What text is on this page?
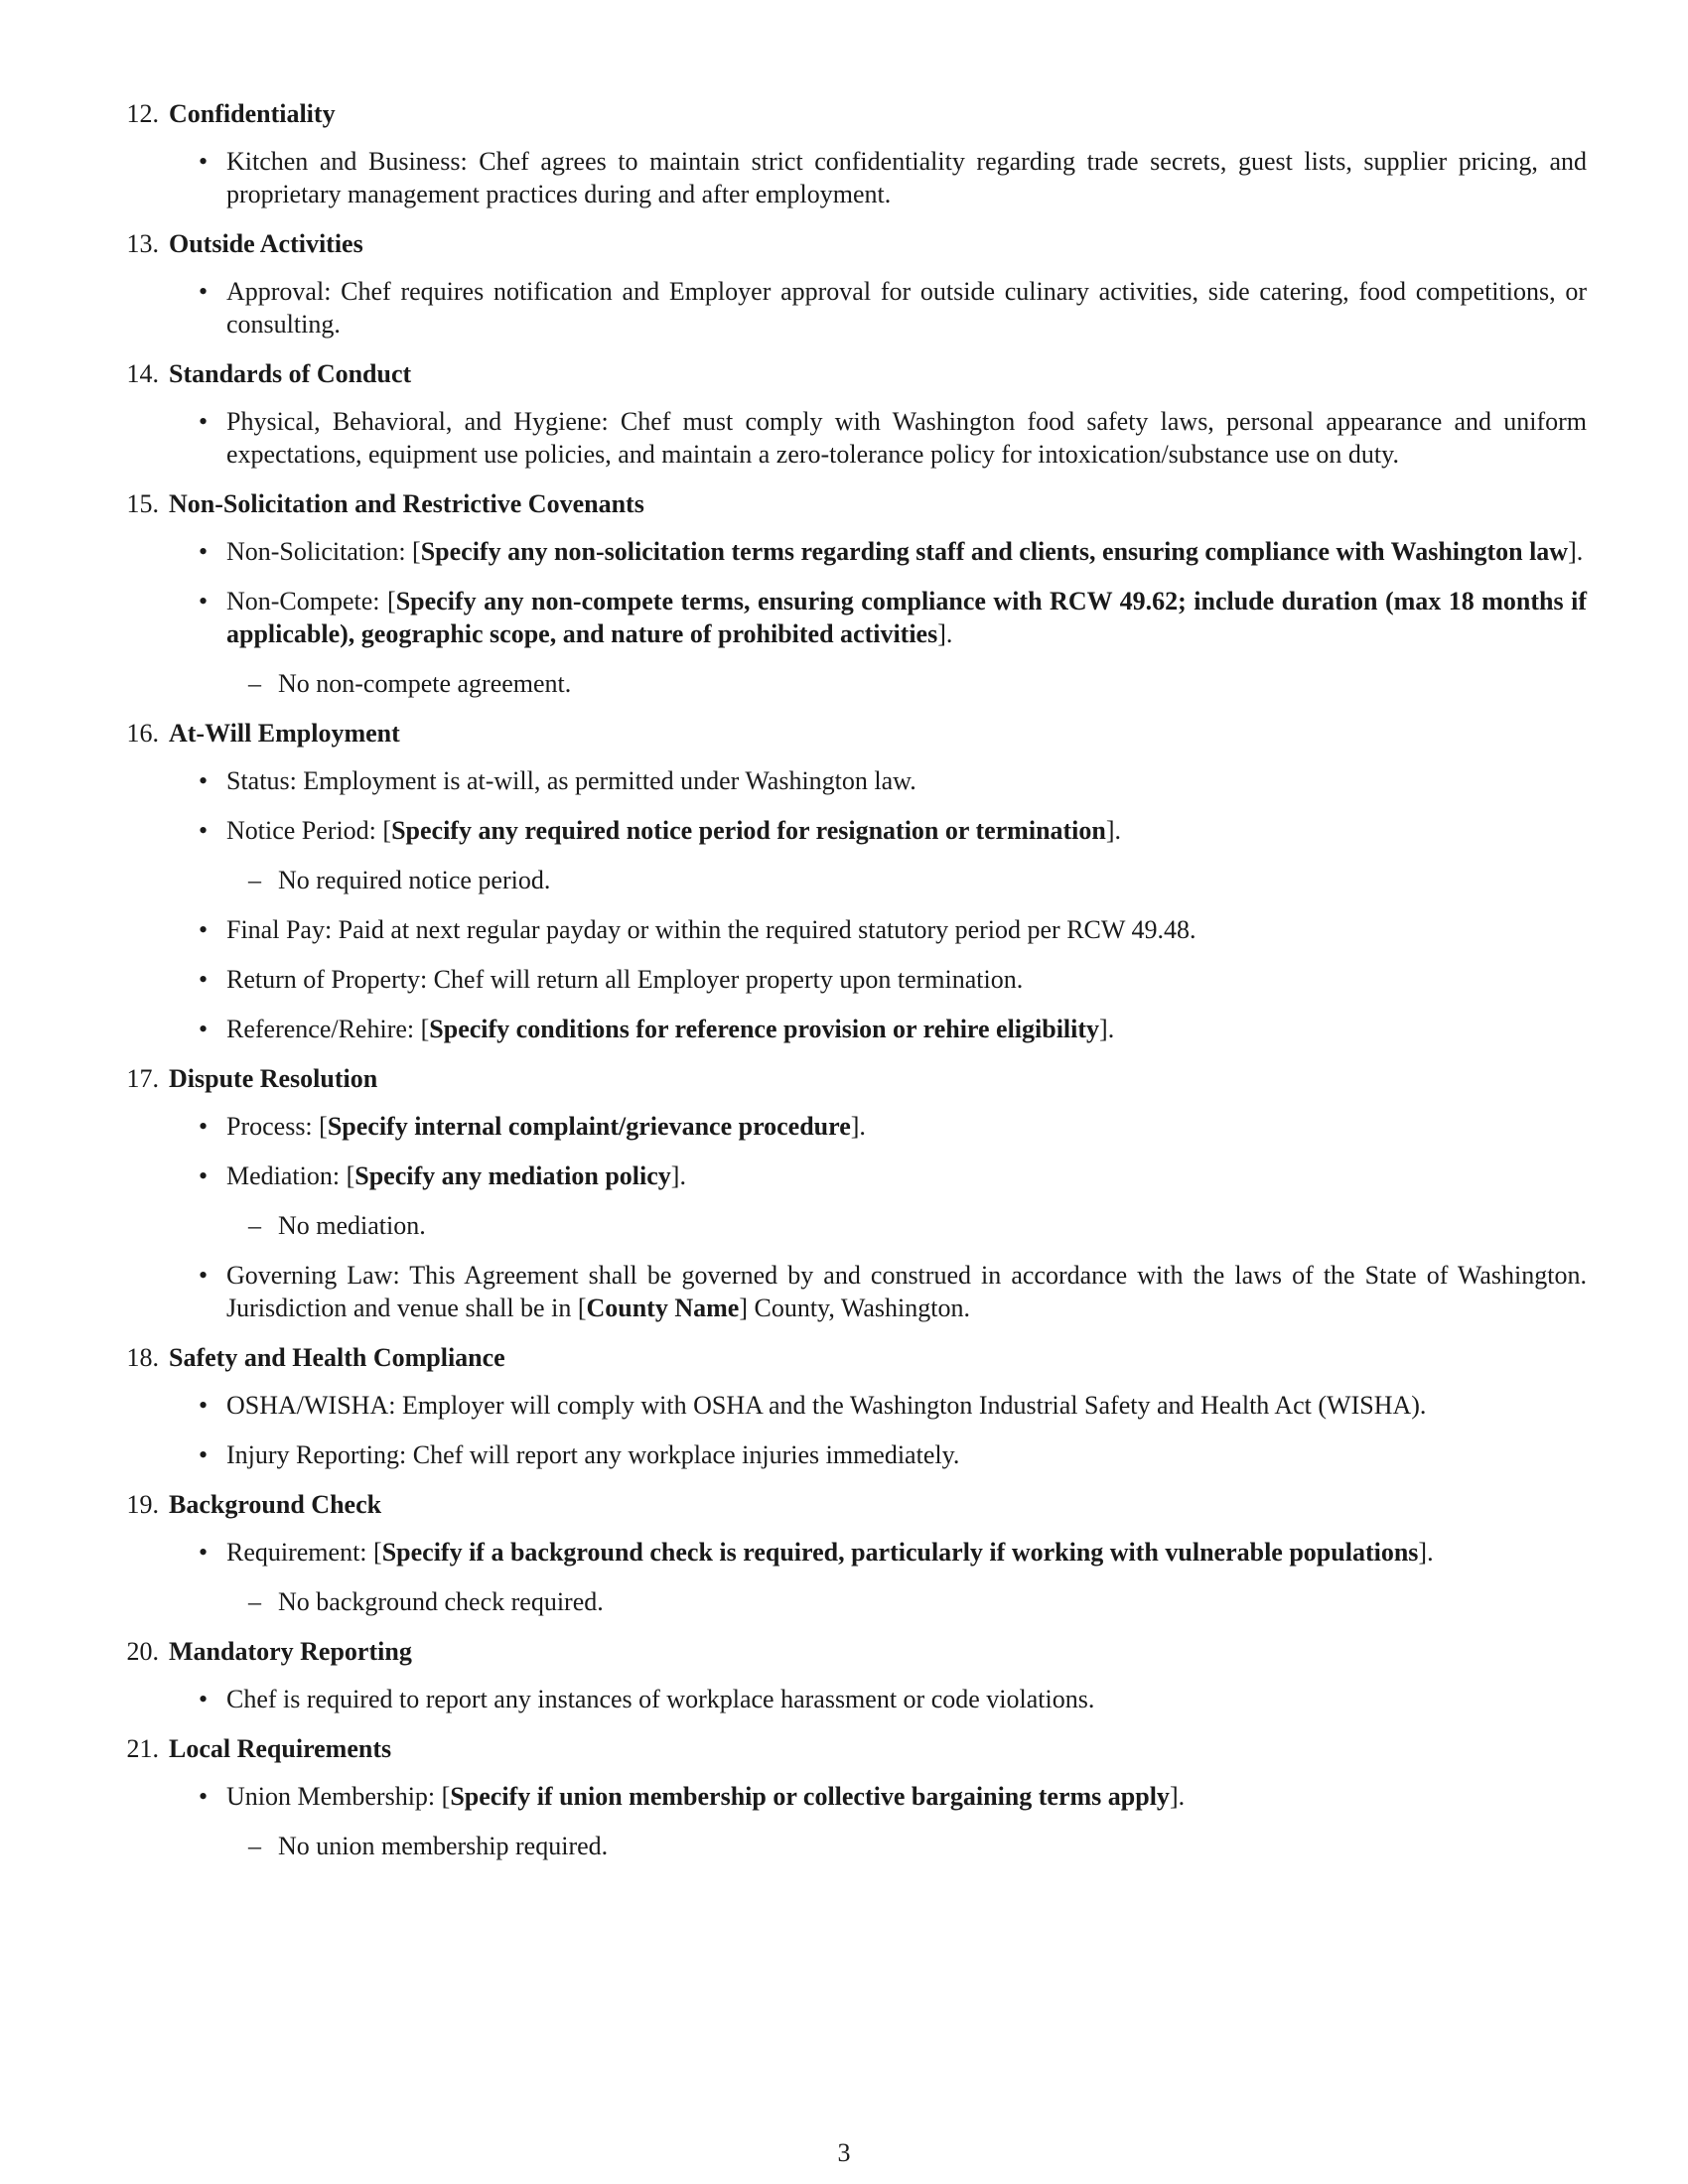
12. Confidentiality
• Kitchen and Business: Chef agrees to maintain strict confidentiality regarding trade secrets, guest lists, supplier pricing, and proprietary management practices during and after employment.
13. Outside Activities
• Approval: Chef requires notification and Employer approval for outside culinary activities, side catering, food competitions, or consulting.
14. Standards of Conduct
• Physical, Behavioral, and Hygiene: Chef must comply with Washington food safety laws, personal appearance and uniform expectations, equipment use policies, and maintain a zero-tolerance policy for intoxication/substance use on duty.
15. Non-Solicitation and Restrictive Covenants
• Non-Solicitation: [Specify any non-solicitation terms regarding staff and clients, ensuring compliance with Washington law].
• Non-Compete: [Specify any non-compete terms, ensuring compliance with RCW 49.62; include duration (max 18 months if applicable), geographic scope, and nature of prohibited activities].
– No non-compete agreement.
16. At-Will Employment
• Status: Employment is at-will, as permitted under Washington law.
• Notice Period: [Specify any required notice period for resignation or termination].
– No required notice period.
• Final Pay: Paid at next regular payday or within the required statutory period per RCW 49.48.
• Return of Property: Chef will return all Employer property upon termination.
• Reference/Rehire: [Specify conditions for reference provision or rehire eligibility].
17. Dispute Resolution
• Process: [Specify internal complaint/grievance procedure].
• Mediation: [Specify any mediation policy].
– No mediation.
• Governing Law: This Agreement shall be governed by and construed in accordance with the laws of the State of Washington. Jurisdiction and venue shall be in [County Name] County, Washington.
18. Safety and Health Compliance
• OSHA/WISHA: Employer will comply with OSHA and the Washington Industrial Safety and Health Act (WISHA).
• Injury Reporting: Chef will report any workplace injuries immediately.
19. Background Check
• Requirement: [Specify if a background check is required, particularly if working with vulnerable populations].
– No background check required.
20. Mandatory Reporting
• Chef is required to report any instances of workplace harassment or code violations.
21. Local Requirements
• Union Membership: [Specify if union membership or collective bargaining terms apply].
– No union membership required.
3
